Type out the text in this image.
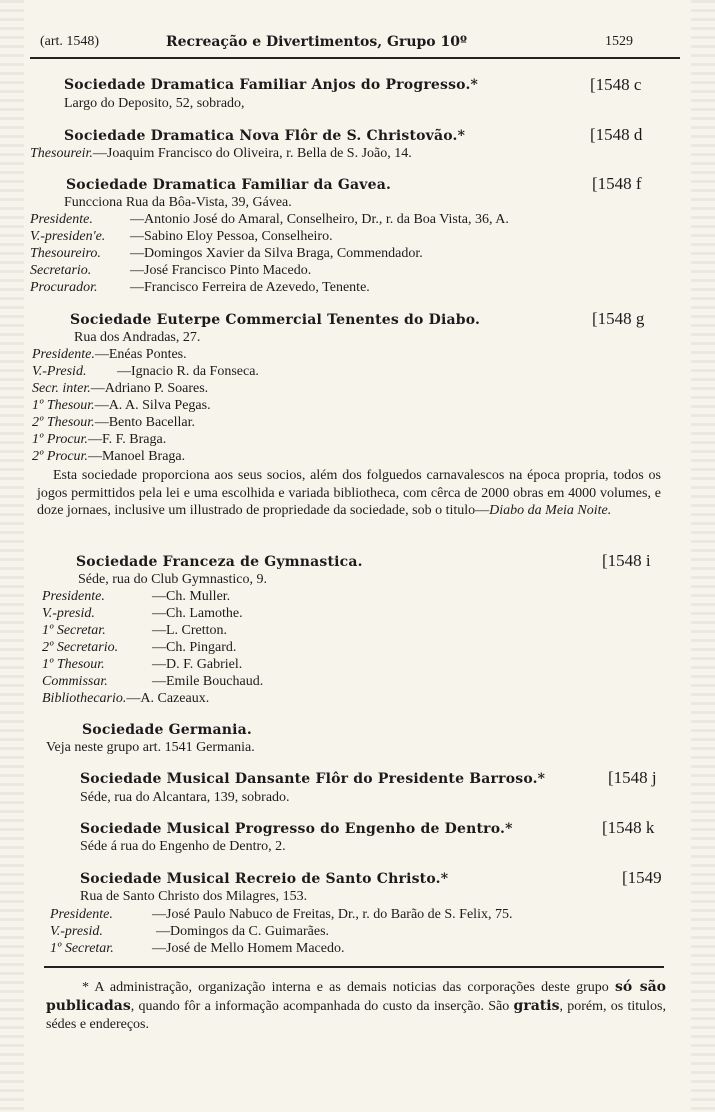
(art. 1548)	Recreação e Divertimentos, Grupo 10º	1529
Sociedade Dramatica Familiar Anjos do Progresso.*	[1548 c
Largo do Deposito, 52, sobrado,
Sociedade Dramatica Nova Flôr de S. Christovão.*	[1548 d
Thesoureir.—Joaquim Francisco do Oliveira, r. Bella de S. João, 14.
Sociedade Dramatica Familiar da Gavea.	[1548 f
Funcciona Rua da Bôa-Vista, 39, Gávea.
Presidente.	—Antonio José do Amaral, Conselheiro, Dr., r. da Boa Vista, 36, A.
V.-presiden'e. —Sabino Eloy Pessoa, Conselheiro.
Thesoureiro. —Domingos Xavier da Silva Braga, Commendador.
Secretario.	—José Francisco Pinto Macedo.
Procurador. —Francisco Ferreira de Azevedo, Tenente.
Sociedade Euterpe Commercial Tenentes do Diabo.	[1548 g
Rua dos Andradas, 27.
Presidente.—Enéas Pontes.
V.-Presid. —Ignacio R. da Fonseca.
Secr. inter.—Adriano P. Soares.
1º Thesour.—A. A. Silva Pegas.
2º Thesour.—Bento Bacellar.
1º Procur.—F. F. Braga.
2º Procur.—Manoel Braga.
Esta sociedade proporciona aos seus socios, além dos folguedos carnavalescos na época propria, todos os jogos permittidos pela lei e uma escolhida e variada bibliotheca, com cêrca de 2000 obras em 4000 volumes, e doze jornaes, inclusive um illustrado de propriedade da sociedade, sob o titulo—Diabo da Meia Noite.
Sociedade Franceza de Gymnastica.	[1548 i
Séde, rua do Club Gymnastico, 9.
Presidente.	—Ch. Muller.
V.-presid.	—Ch. Lamothe.
1º Secretar.	—L. Cretton.
2º Secretario. —Ch. Pingard.
1º Thesour.	—D. F. Gabriel.
Commissar.	—Emile Bouchaud.
Bibliothecario.—A. Cazeaux.
Sociedade Germania.
Veja neste grupo art. 1541 Germania.
Sociedade Musical Dansante Flôr do Presidente Barroso.*	[1548 j
Séde, rua do Alcantara, 139, sobrado.
Sociedade Musical Progresso do Engenho de Dentro.*	[1548 k
Séde á rua do Engenho de Dentro, 2.
Sociedade Musical Recreio de Santo Christo.*	[1549
Rua de Santo Christo dos Milagres, 153.
Presidente.	—José Paulo Nabuco de Freitas, Dr., r. do Barão de S. Felix, 75.
V.-presid.	—Domingos da C. Guimarães.
1º Secretar.	—José de Mello Homem Macedo.
* A administração, organização interna e as demais noticias das corporações deste grupo só são publicadas, quando fôr a informação acompanhada do custo da inserção. São gratis, porém, os titulos, sédes e endereços.
